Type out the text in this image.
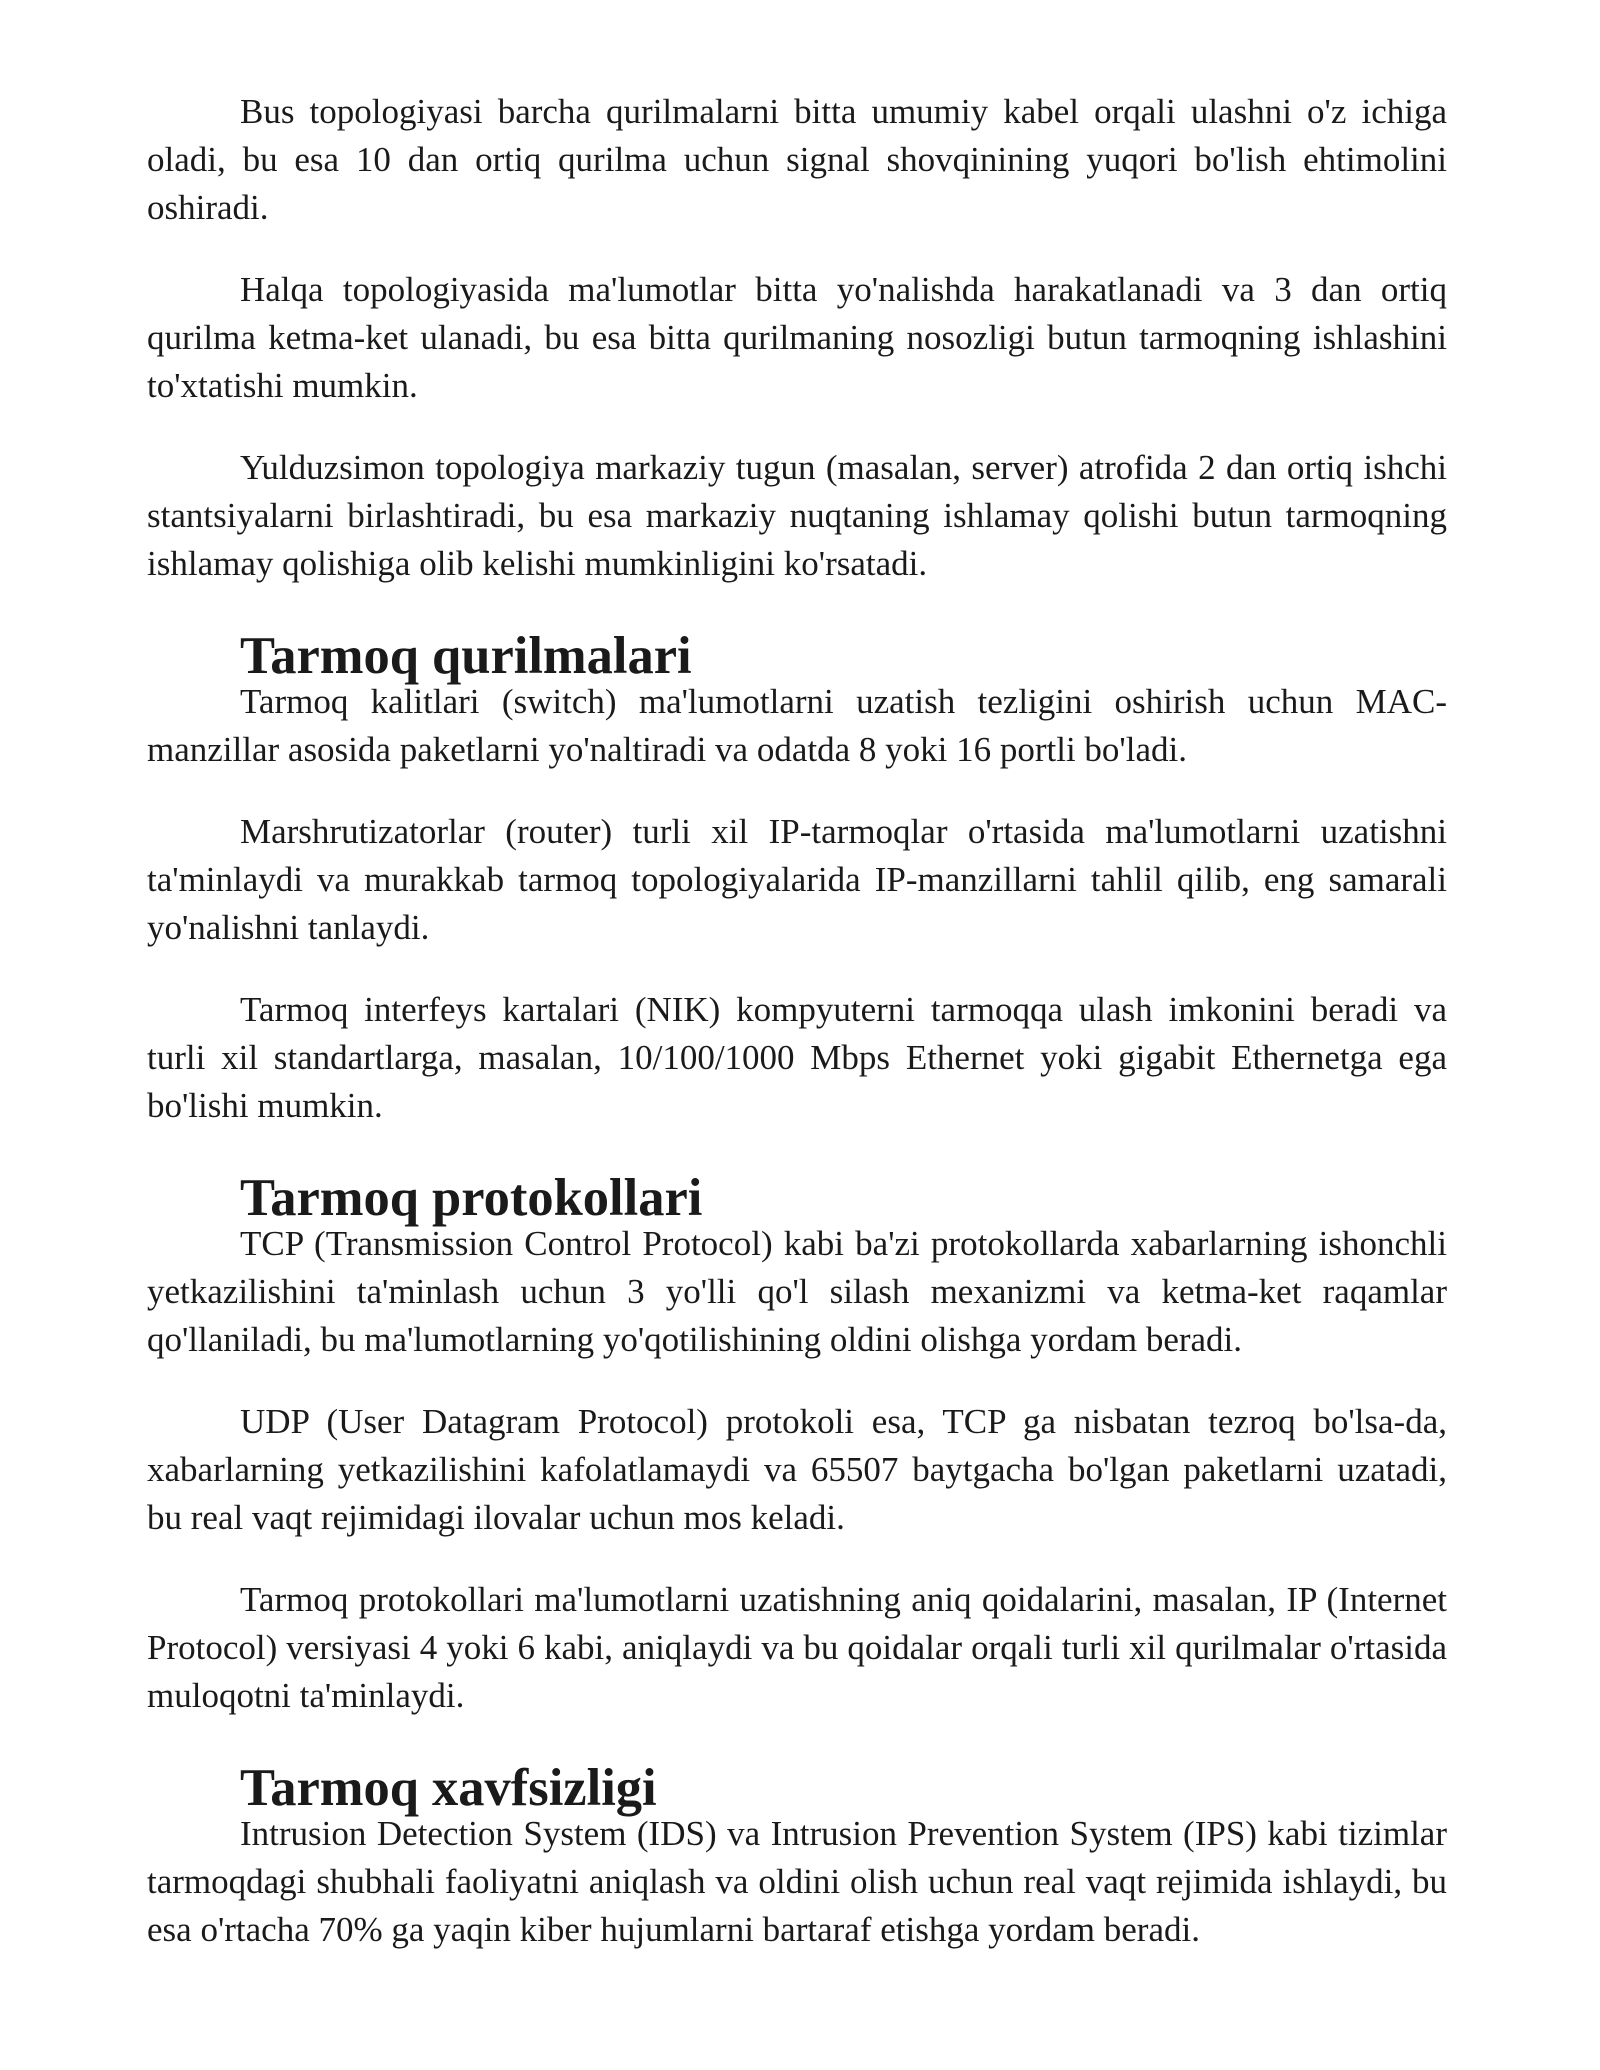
Bus topologiyasi barcha qurilmalarni bitta umumiy kabel orqali ulashni o'z ichiga oladi, bu esa 10 dan ortiq qurilma uchun signal shovqinining yuqori bo'lish ehtimolini oshiradi.

Halqa topologiyasida ma'lumotlar bitta yo'nalishda harakatlanadi va 3 dan ortiq qurilma ketma-ket ulanadi, bu esa bitta qurilmaning nosozligi butun tarmoqning ishlashini to'xtatishi mumkin.

Yulduzsimon topologiya markaziy tugun (masalan, server) atrofida 2 dan ortiq ishchi stantsiyalarni birlashtiradi, bu esa markaziy nuqtaning ishlamay qolishi butun tarmoqning ishlamay qolishiga olib kelishi mumkinligini ko'rsatadi.

Tarmoq qurilmalari

Tarmoq kalitlari (switch) ma'lumotlarni uzatish tezligini oshirish uchun MAC-manzillar asosida paketlarni yo'naltiradi va odatda 8 yoki 16 portli bo'ladi.

Marshrutizatorlar (router) turli xil IP-tarmoqlar o'rtasida ma'lumotlarni uzatishni ta'minlaydi va murakkab tarmoq topologiyalarida IP-manzillarni tahlil qilib, eng samarali yo'nalishni tanlaydi.

Tarmoq interfeys kartalari (NIK) kompyuterni tarmoqqa ulash imkonini beradi va turli xil standartlarga, masalan, 10/100/1000 Mbps Ethernet yoki gigabit Ethernetga ega bo'lishi mumkin.

Tarmoq protokollari

TCP (Transmission Control Protocol) kabi ba'zi protokollarda xabarlarning ishonchli yetkazilishini ta'minlash uchun 3 yo'lli qo'l silash mexanizmi va ketma-ket raqamlar qo'llaniladi, bu ma'lumotlarning yo'qotilishining oldini olishga yordam beradi.

UDP (User Datagram Protocol) protokoli esa, TCP ga nisbatan tezroq bo'lsa-da, xabarlarning yetkazilishini kafolatlamaydi va 65507 baytgacha bo'lgan paketlarni uzatadi, bu real vaqt rejimidagi ilovalar uchun mos keladi.

Tarmoq protokollari ma'lumotlarni uzatishning aniq qoidalarini, masalan, IP (Internet Protocol) versiyasi 4 yoki 6 kabi, aniqlaydi va bu qoidalar orqali turli xil qurilmalar o'rtasida muloqotni ta'minlaydi.

Tarmoq xavfsizligi

Intrusion Detection System (IDS) va Intrusion Prevention System (IPS) kabi tizimlar tarmoqdagi shubhali faoliyatni aniqlash va oldini olish uchun real vaqt rejimida ishlaydi, bu esa o'rtacha 70% ga yaqin kiber hujumlarni bartaraf etishga yordam beradi.
